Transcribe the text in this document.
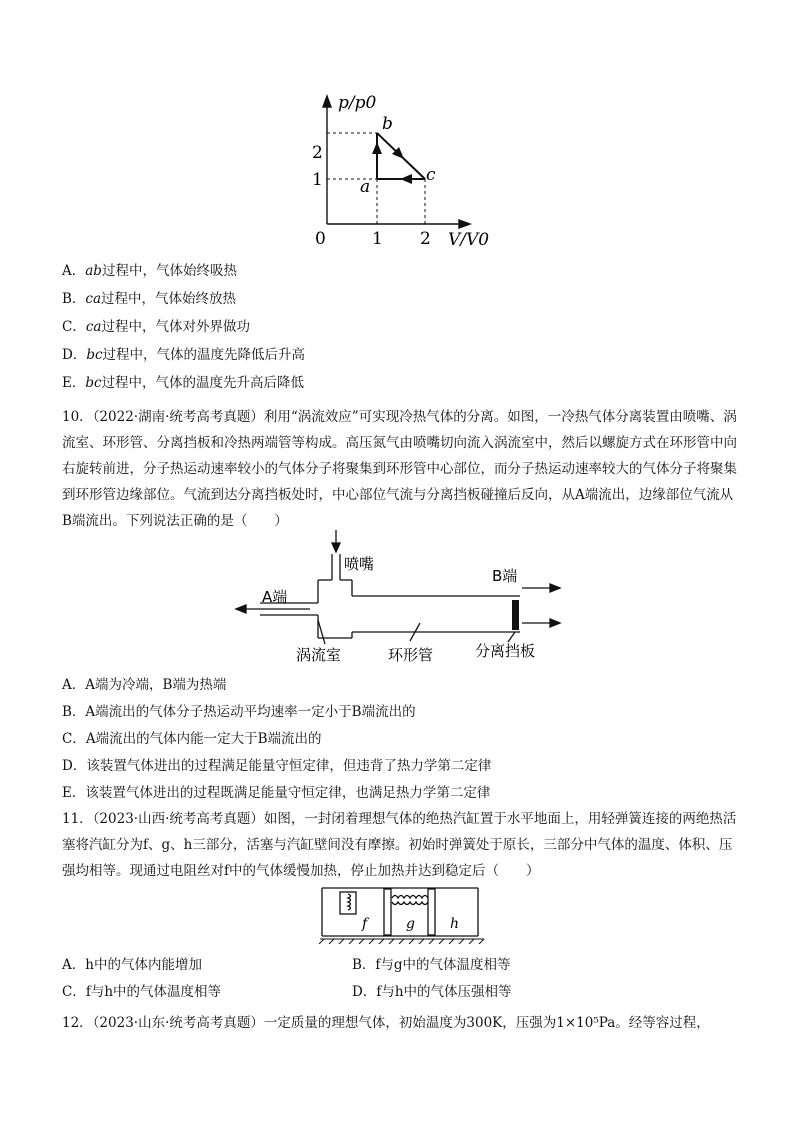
p/p0
V/V0
0	1 2
1
2
a
b
c
A．ab过程中，气体始终吸热
B．ca过程中，气体始终放热
C．ca过程中，气体对外界做功
D．bc过程中，气体的温度先降低后升高
E．bc过程中，气体的温度先升高后降低
10．（2022·湖南·统考高考真题）利用“涡流效应”可实现冷热气体的分离。如图，一冷热气体分离装置由喷嘴、涡流室、环形管、分离挡板和冷热两端管等构成。高压氮气由喷嘴切向流入涡流室中，然后以螺旋方式在环形管中向右旋转前进，分子热运动速率较小的气体分子将聚集到环形管中心部位，而分子热运动速率较大的气体分子将聚集到环形管边缘部位。气流到达分离挡板处时，中心部位气流与分离挡板碰撞后反向，从A端流出，边缘部位气流从B端流出。下列说法正确的是（　　）
喷嘴
A端
B端
涡流室	环形管	分离挡板
A．A端为冷端，B端为热端
B．A端流出的气体分子热运动平均速率一定小于B端流出的
C．A端流出的气体内能一定大于B端流出的
D．该装置气体进出的过程满足能量守恒定律，但违背了热力学第二定律
E．该装置气体进出的过程既满足能量守恒定律，也满足热力学第二定律
11．（2023·山西·统考高考真题）如图，一封闭着理想气体的绝热汽缸置于水平地面上，用轻弹簧连接的两绝热活塞将汽缸分为f、g、h三部分，活塞与汽缸壁间没有摩擦。初始时弹簧处于原长，三部分中气体的温度、体积、压强均相等。现通过电阻丝对f中的气体缓慢加热，停止加热并达到稳定后（　　）
f	g	h
A．h中的气体内能增加	B．f与g中的气体温度相等
C．f与h中的气体温度相等	D．f与h中的气体压强相等
12．（2023·山东·统考高考真题）一定质量的理想气体，初始温度为300K，压强为1×10⁵Pa。经等容过程，
